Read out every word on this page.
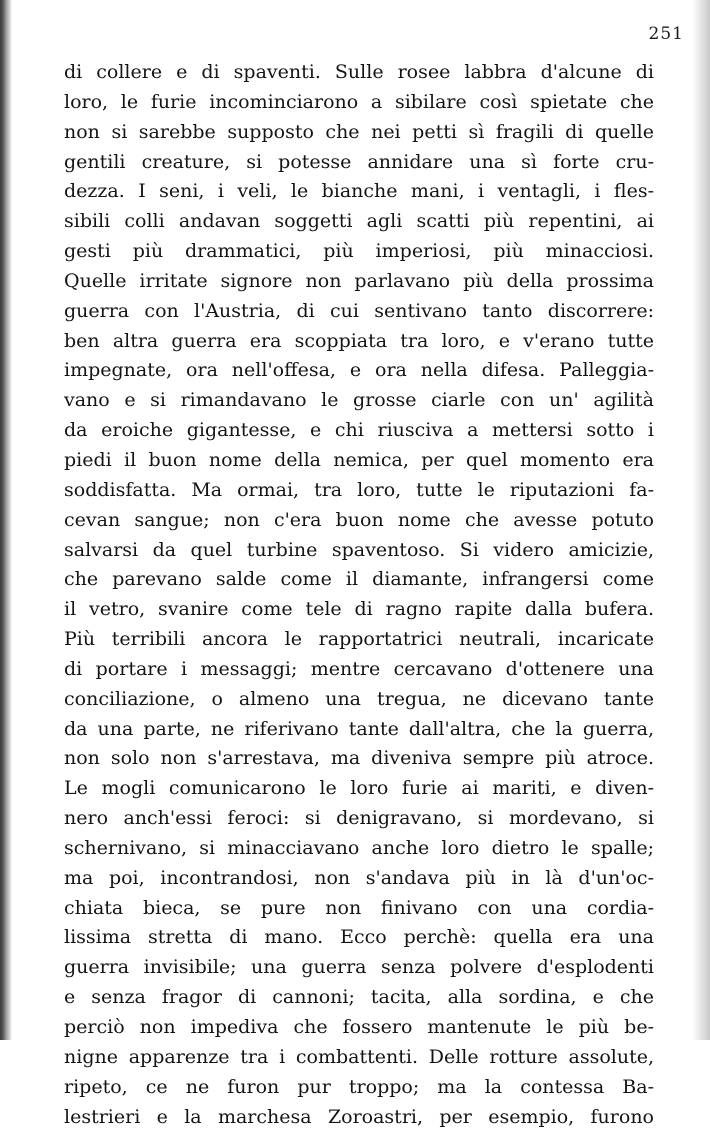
251
di collere e di spaventi. Sulle rosee labbra d'alcune di
loro, le furie incominciarono a sibilare così spietate che
non si sarebbe supposto che nei petti sì fragili di quelle
gentili creature, si potesse annidare una sì forte cru-
dezza. I seni, i veli, le bianche mani, i ventagli, i fles-
sibili colli andavan soggetti agli scatti più repentini, ai
gesti più drammatici, più imperiosi, più minacciosi.
Quelle irritate signore non parlavano più della prossima
guerra con l'Austria, di cui sentivano tanto discorrere:
ben altra guerra era scoppiata tra loro, e v'erano tutte
impegnate, ora nell'offesa, e ora nella difesa. Palleggia-
vano e si rimandavano le grosse ciarle con un' agilità
da eroiche gigantesse, e chi riusciva a mettersi sotto i
piedi il buon nome della nemica, per quel momento era
soddisfatta. Ma ormai, tra loro, tutte le riputazioni fa-
cevan sangue; non c'era buon nome che avesse potuto
salvarsi da quel turbine spaventoso. Si videro amicizie,
che parevano salde come il diamante, infrangersi come
il vetro, svanire come tele di ragno rapite dalla bufera.
Più terribili ancora le rapportatrici neutrali, incaricate
di portare i messaggi; mentre cercavano d'ottenere una
conciliazione, o almeno una tregua, ne dicevano tante
da una parte, ne riferivano tante dall'altra, che la guerra,
non solo non s'arrestava, ma diveniva sempre più atroce.
Le mogli comunicarono le loro furie ai mariti, e diven-
nero anch'essi feroci: si denigravano, si mordevano, si
schernivano, si minacciavano anche loro dietro le spalle;
ma poi, incontrandosi, non s'andava più in là d'un'oc-
chiata bieca, se pure non finivano con una cordia-
lissima stretta di mano. Ecco perchè: quella era una
guerra invisibile; una guerra senza polvere d'esplodenti
e senza fragor di cannoni; tacita, alla sordina, e che
perciò non impediva che fossero mantenute le più be-
nigne apparenze tra i combattenti. Delle rotture assolute,
ripeto, ce ne furon pur troppo; ma la contessa Ba-
lestrieri e la marchesa Zoroastri, per esempio, furono
